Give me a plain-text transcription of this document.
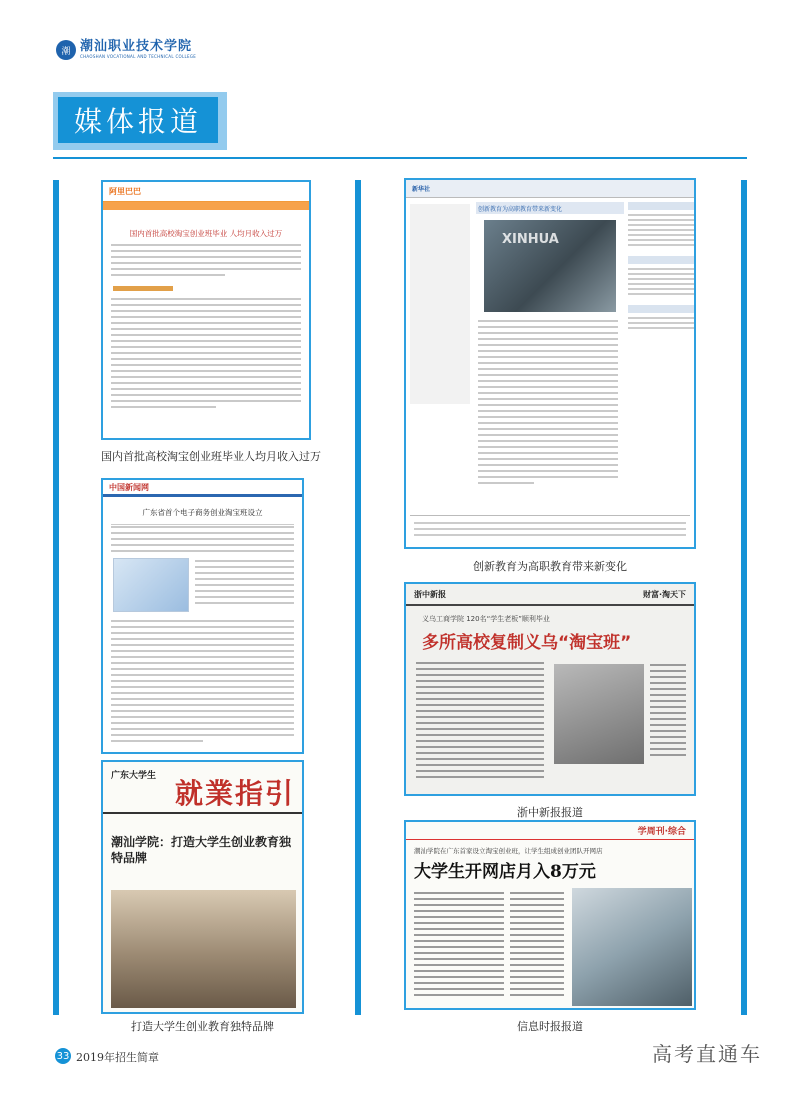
潮 潮汕职业技术学院
CHAOSHAN VOCATIONAL AND TECHNICAL COLLEGE
媒体报道
阿里巴巴
国内首批高校淘宝创业班毕业 人均月收入过万
国内首批高校淘宝创业班毕业人均月收入过万
新华社
创新教育为高职教育带来新变化
XINHUA
创新教育为高职教育带来新变化
中国新闻网
广东省首个电子商务创业淘宝班设立
浙中新报	财富·淘天下
义乌工商学院 120名“学生老板”顺利毕业
多所高校复制义乌“淘宝班”
浙中新报报道
广东大学生
就業指引
潮汕学院：打造大学生创业教育独特品牌
打造大学生创业教育独特品牌
学周刊·综合
潮汕学院在广东首家设立淘宝创业班，让学生组成创业团队开网店
大学生开网店月入8万元
信息时报报道
33 2019年招生简章	高考直通车
